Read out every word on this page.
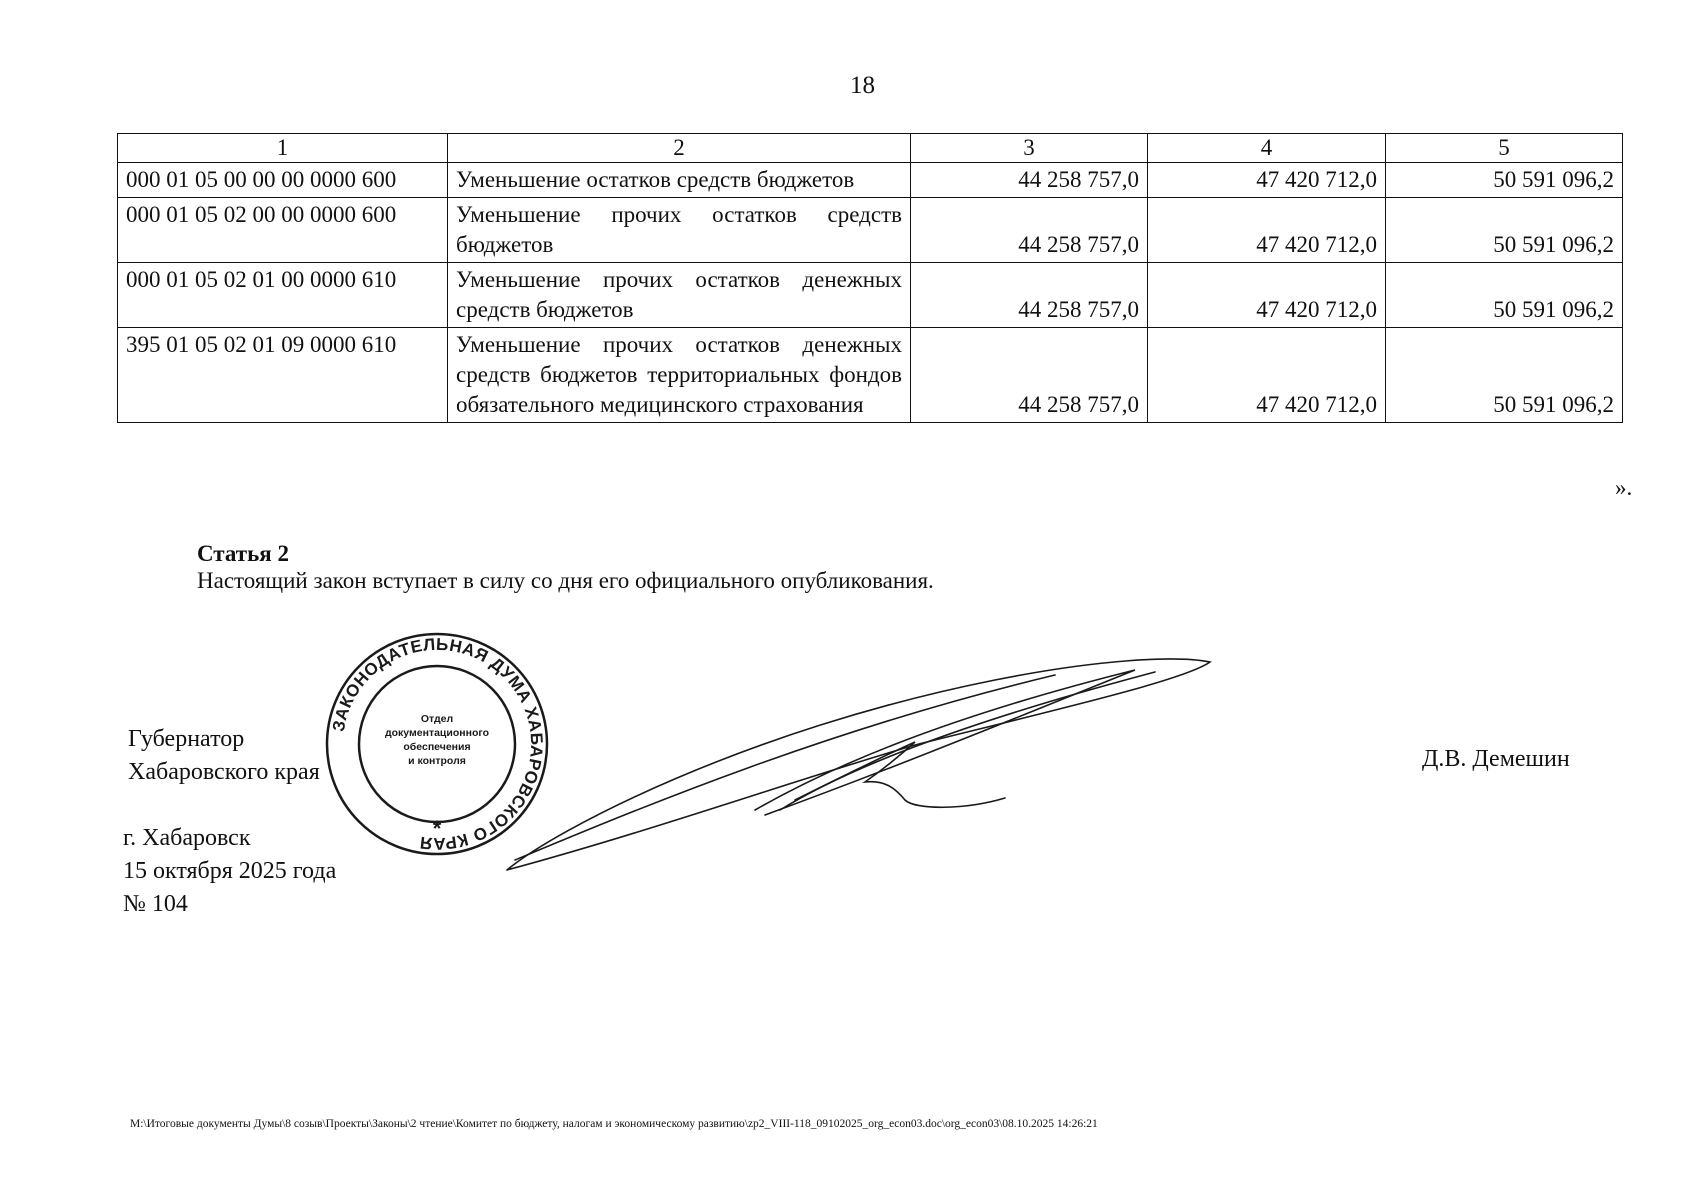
18
1	2	3	4	5
000 01 05 00 00 00 0000 600	Уменьшение остатков средств бюджетов	44 258 757,0	47 420 712,0	50 591 096,2
000 01 05 02 00 00 0000 600	Уменьшение прочих остатков средств бюджетов	44 258 757,0	47 420 712,0	50 591 096,2
000 01 05 02 01 00 0000 610	Уменьшение прочих остатков денежных средств бюджетов	44 258 757,0	47 420 712,0	50 591 096,2
395 01 05 02 01 09 0000 610	Уменьшение прочих остатков денежных средств бюджетов территориальных фондов обязательного медицинского страхования	44 258 757,0	47 420 712,0	50 591 096,2
».
Статья 2
Настоящий закон вступает в силу со дня его официального опубликования.
Губернатор
Хабаровского края	Д.В. Демешин
г. Хабаровск
15 октября 2025 года
№ 104
ЗАКОНОДАТЕЛЬНАЯ ДУМА ХАБАРОВСКОГО КРАЯ
Отдел
документационного
обеспечения
и контроля
*
M:\Итоговые документы Думы\8 созыв\Проекты\Законы\2 чтение\Комитет по бюджету, налогам и экономическому развитию\zp2_VIII-118_09102025_org_econ03.doc\org_econ03\08.10.2025 14:26:21
